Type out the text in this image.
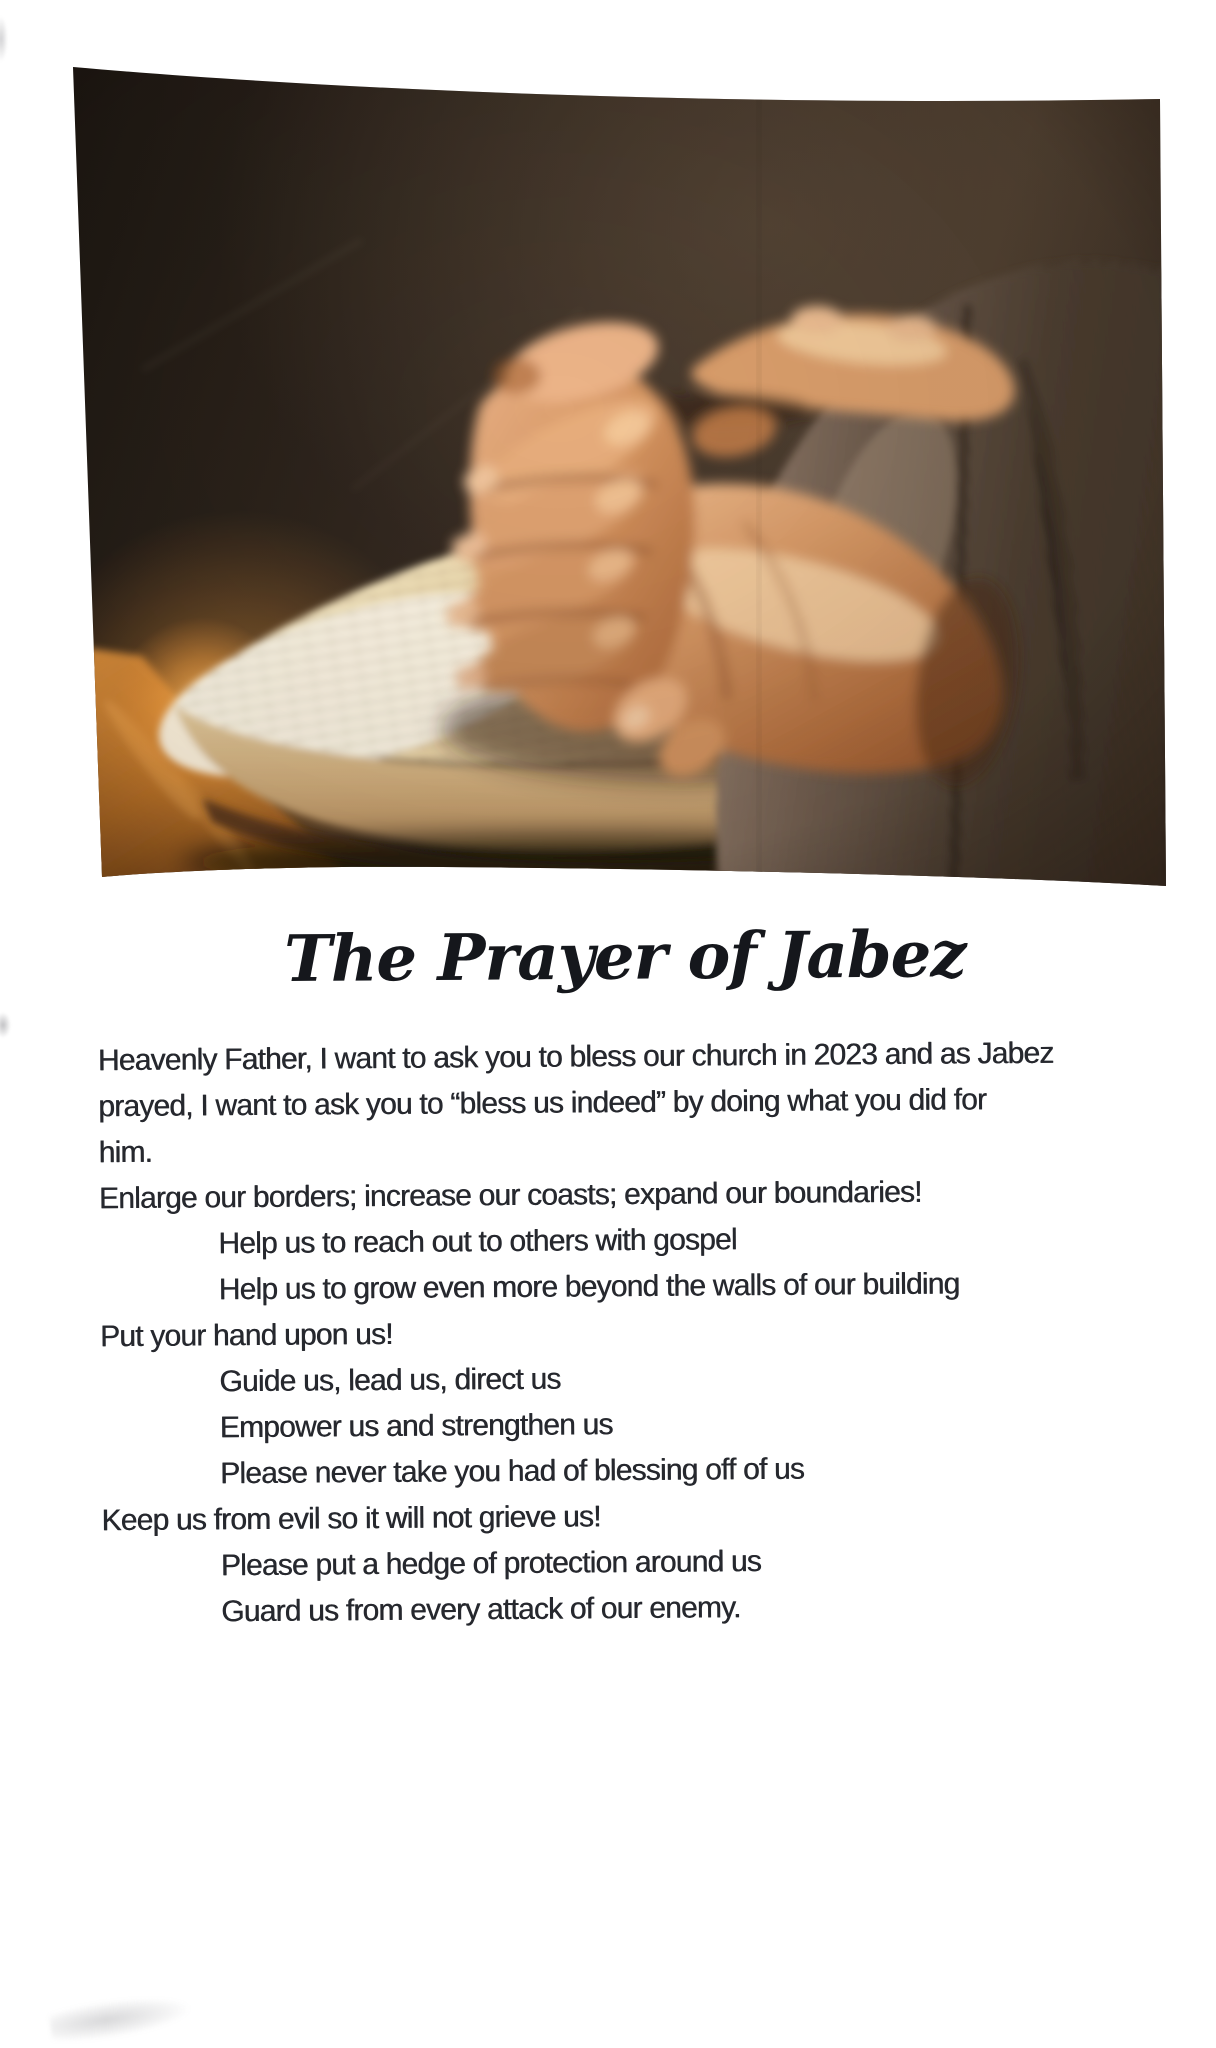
The Prayer of Jabez
Heavenly Father, I want to ask you to bless our church in 2023 and as Jabez
prayed, I want to ask you to “bless us indeed” by doing what you did for
him.
Enlarge our borders; increase our coasts; expand our boundaries!
Help us to reach out to others with gospel
Help us to grow even more beyond the walls of our building
Put your hand upon us!
Guide us, lead us, direct us
Empower us and strengthen us
Please never take you had of blessing off of us
Keep us from evil so it will not grieve us!
Please put a hedge of protection around us
Guard us from every attack of our enemy.
